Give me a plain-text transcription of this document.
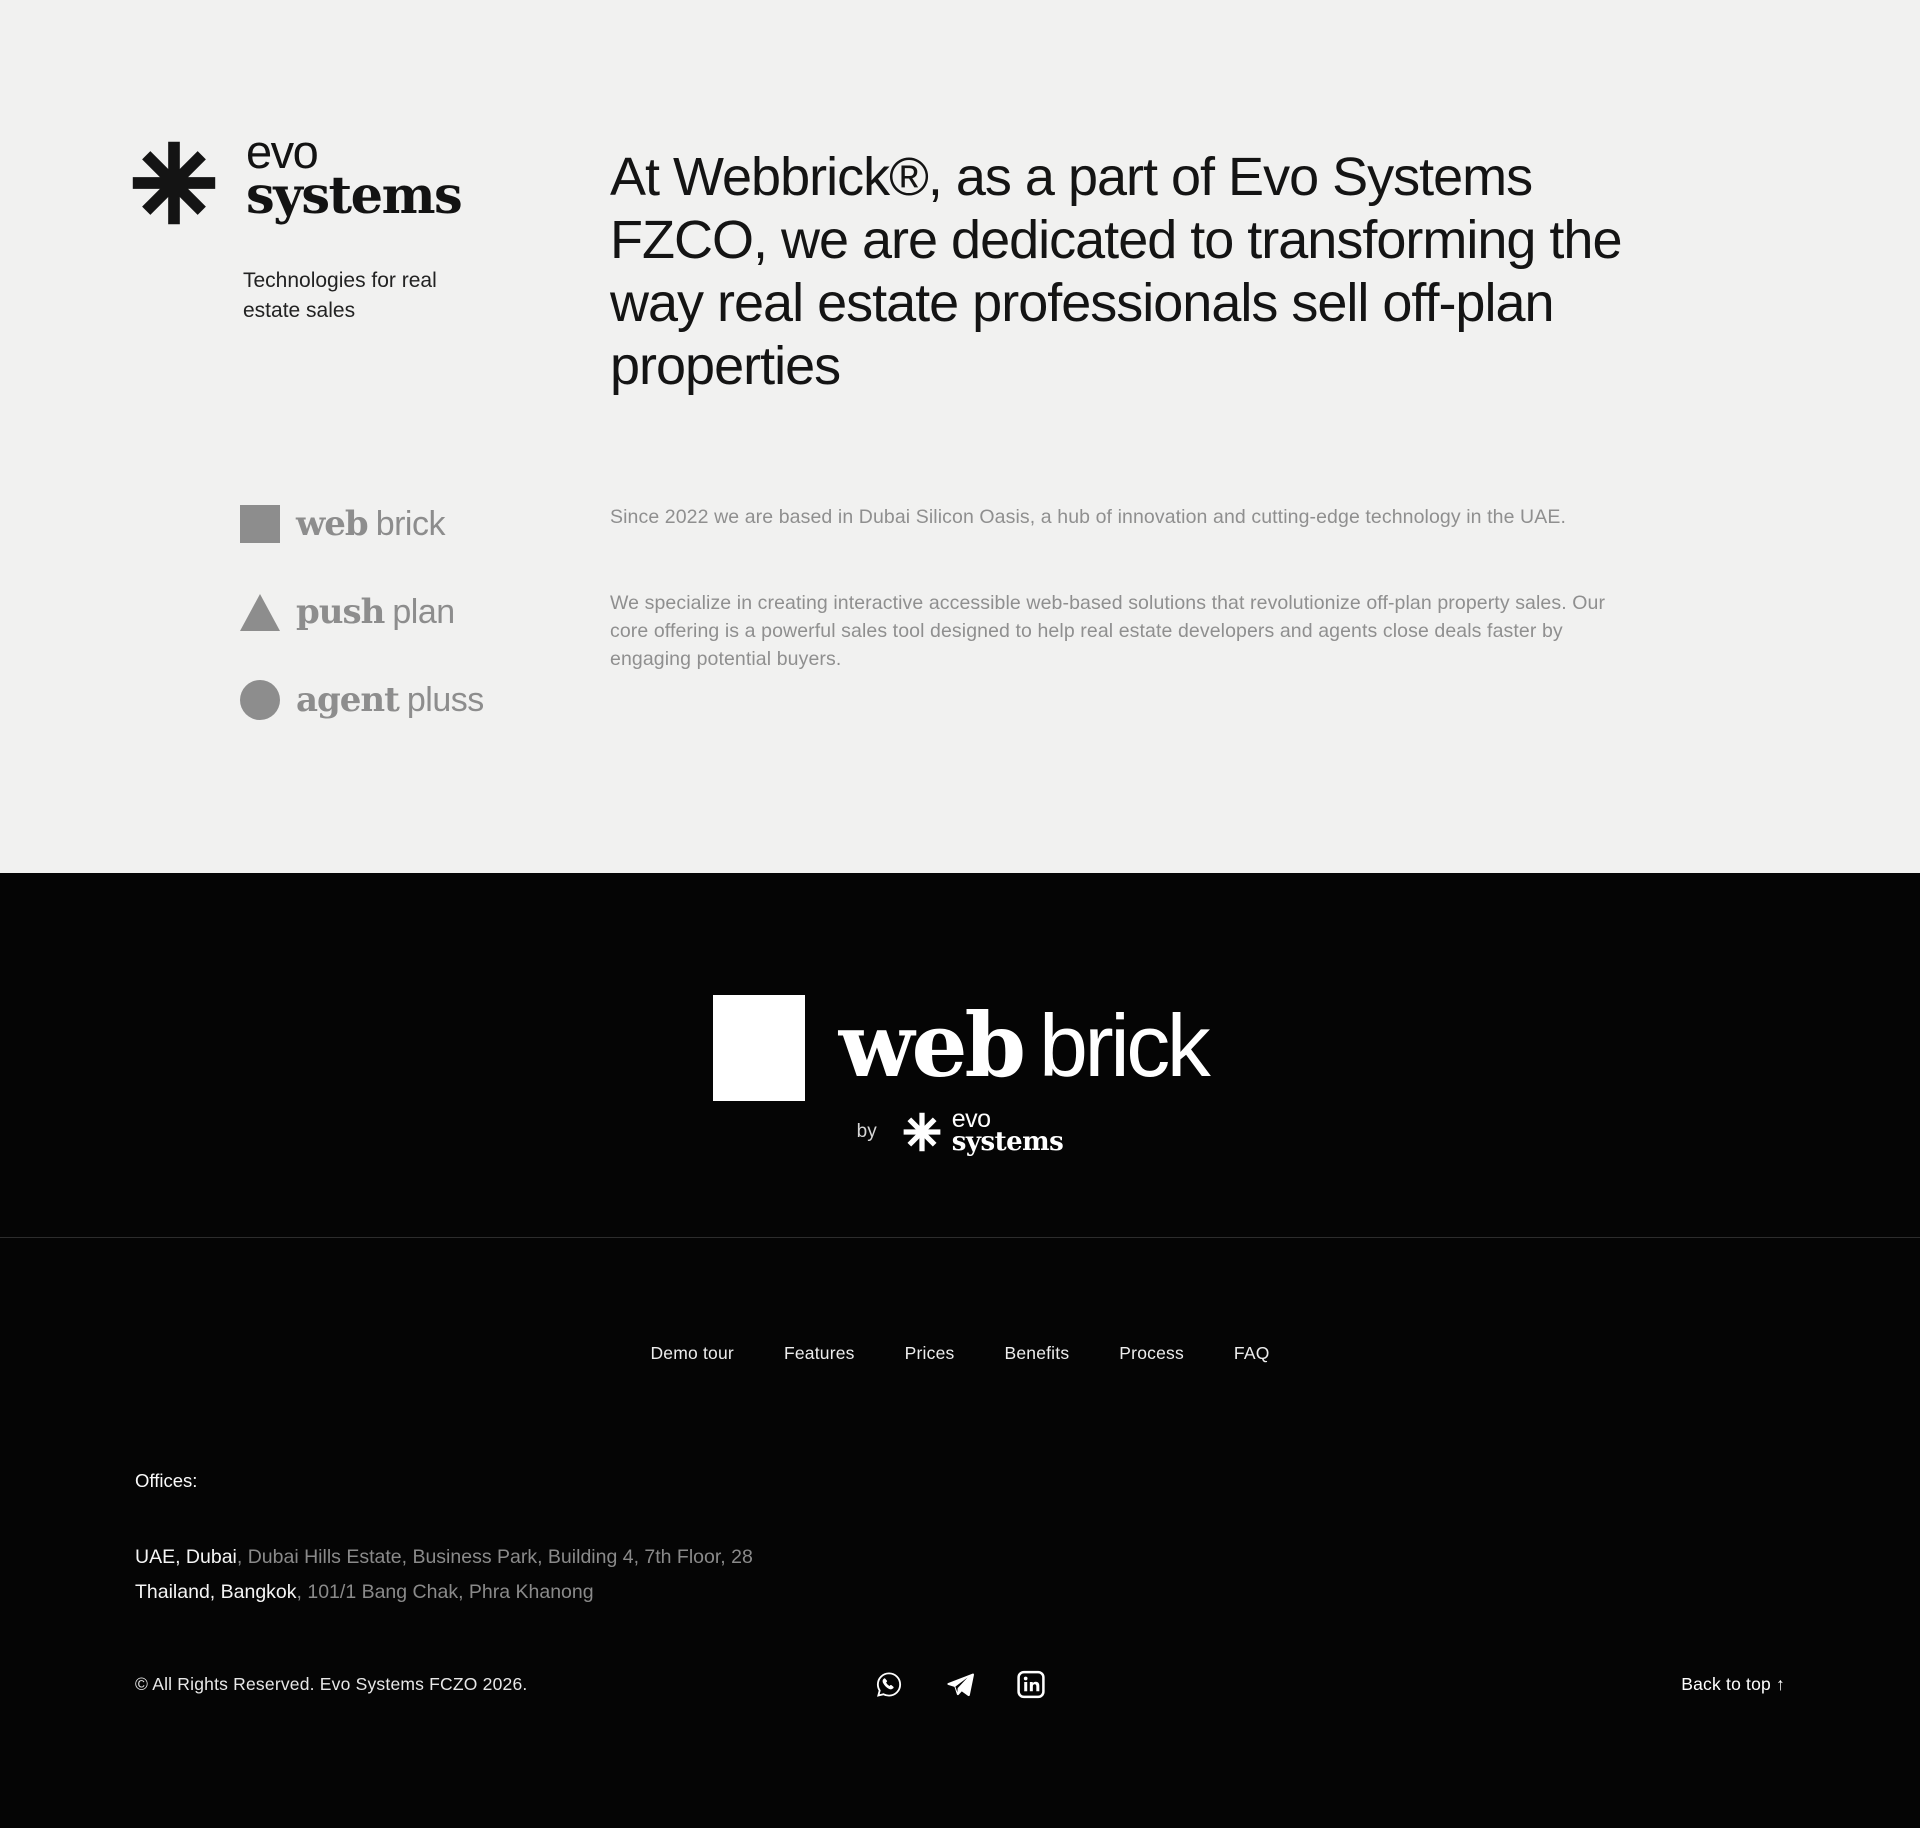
evo
systems
Technologies for real
estate sales
web brick
push plan
agent pluss
At Webbrick®, as a part of Evo Systems
FZCO, we are dedicated to transforming the
way real estate professionals sell off-plan
properties

Since 2022 we are based in Dubai Silicon Oasis, a hub of innovation and cutting-edge technology in the UAE.

We specialize in creating interactive accessible web-based solutions that revolutionize off-plan property sales. Our core offering is a powerful sales tool designed to help real estate developers and agents close deals faster by engaging potential buyers.

web brick
by	evo
systems
Demo tour	Features	Prices	Benefits	Process	FAQ
Offices:

UAE, Dubai, Dubai Hills Estate, Business Park, Building 4, 7th Floor, 28

Thailand, Bangkok, 101/1 Bang Chak, Phra Khanong

© All Rights Reserved. Evo Systems FCZO 2026.	Back to top ↑
